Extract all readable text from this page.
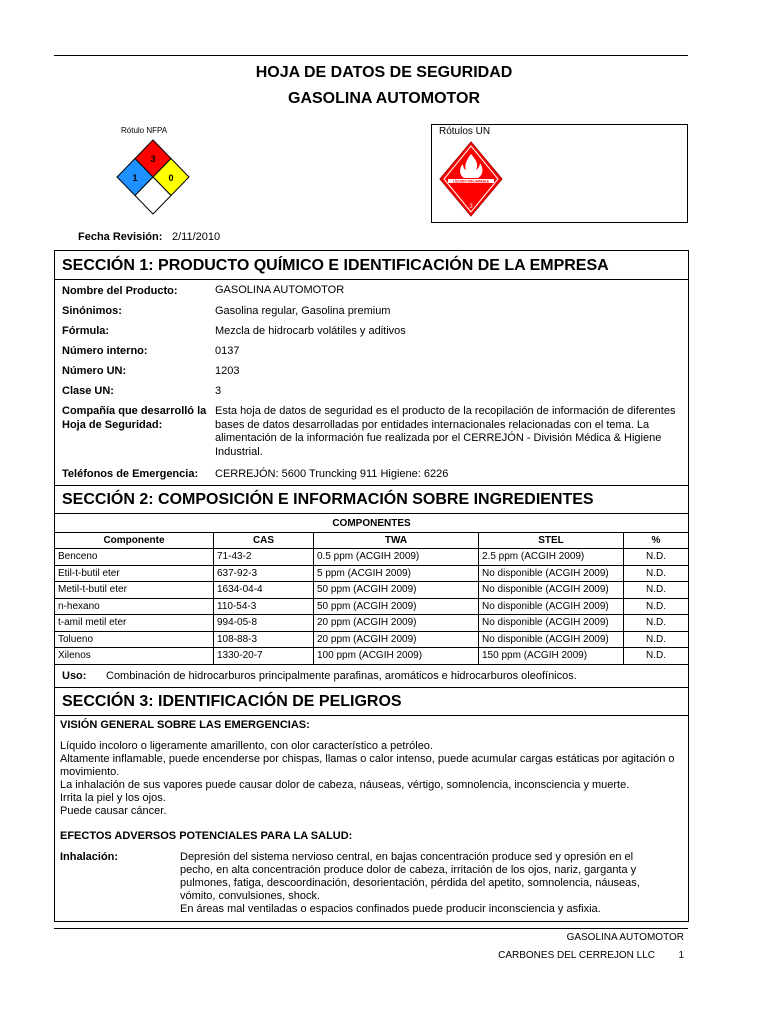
HOJA DE DATOS DE SEGURIDAD
GASOLINA AUTOMOTOR
Rótulo NFPA
3
1	0
Rótulos UN
LÍQUIDO INFLAMABLE
3
Fecha Revisión: 2/11/2010
SECCIÓN 1: PRODUCTO QUÍMICO E IDENTIFICACIÓN DE LA EMPRESA
Nombre del Producto:	GASOLINA AUTOMOTOR
Sinónimos:	Gasolina regular, Gasolina premium
Fórmula:	Mezcla de hidrocarb volátiles y aditivos
Número interno:	0137
Número UN:	1203
Clase UN:	3
Compañía que desarrolló la Hoja de Seguridad:
Esta hoja de datos de seguridad es el producto de la recopilación de información de diferentes bases de datos desarrolladas por entidades internacionales relacionadas con el tema. La alimentación de la información fue realizada por el CERREJÓN - División Médica & Higiene Industrial.
Teléfonos de Emergencia: CERREJÓN: 5600 Truncking 911 Higiene: 6226
SECCIÓN 2: COMPOSICIÓN E INFORMACIÓN SOBRE INGREDIENTES
COMPONENTES				
Componente	CAS	TWA	STEL	%
Benceno	71-43-2	0.5 ppm (ACGIH 2009)	2.5 ppm (ACGIH 2009)	N.D.
Etil-t-butil eter	637-92-3	5 ppm (ACGIH 2009)	No disponible (ACGIH 2009)	N.D.
Metil-t-butil eter	1634-04-4	50 ppm (ACGIH 2009)	No disponible (ACGIH 2009)	N.D.
n-hexano	110-54-3	50 ppm (ACGIH 2009)	No disponible (ACGIH 2009)	N.D.
t-amil metil eter	994-05-8	20 ppm (ACGIH 2009)	No disponible (ACGIH 2009)	N.D.
Tolueno	108-88-3	20 ppm (ACGIH 2009)	No disponible (ACGIH 2009)	N.D.
Xilenos	1330-20-7	100 ppm (ACGIH 2009)	150 ppm (ACGIH 2009)	N.D.
Uso: Combinación de hidrocarburos principalmente parafinas, aromáticos e hidrocarburos oleofínicos.
SECCIÓN 3: IDENTIFICACIÓN DE PELIGROS
VISIÓN GENERAL SOBRE LAS EMERGENCIAS:
Líquido incoloro o ligeramente amarillento, con olor característico a petróleo.
Altamente inflamable, puede encenderse por chispas, llamas o calor intenso, puede acumular cargas estáticas por agitación o movimiento.
La inhalación de sus vapores puede causar dolor de cabeza, náuseas, vértigo, somnolencia, inconsciencia y muerte.
Irrita la piel y los ojos.
Puede causar cáncer.
EFECTOS ADVERSOS POTENCIALES PARA LA SALUD:
Inhalación:	Depresión del sistema nervioso central, en bajas concentración produce sed y opresión en el pecho, en alta concentración produce dolor de cabeza, irritación de los ojos, nariz, garganta y pulmones, fatiga, descoordinación, desorientación, pérdida del apetito, somnolencia, náuseas, vómito, convulsiones, shock.
En áreas mal ventiladas o espacios confinados puede producir inconsciencia y asfixia.
GASOLINA AUTOMOTOR
CARBONES DEL CERREJON LLC 1
